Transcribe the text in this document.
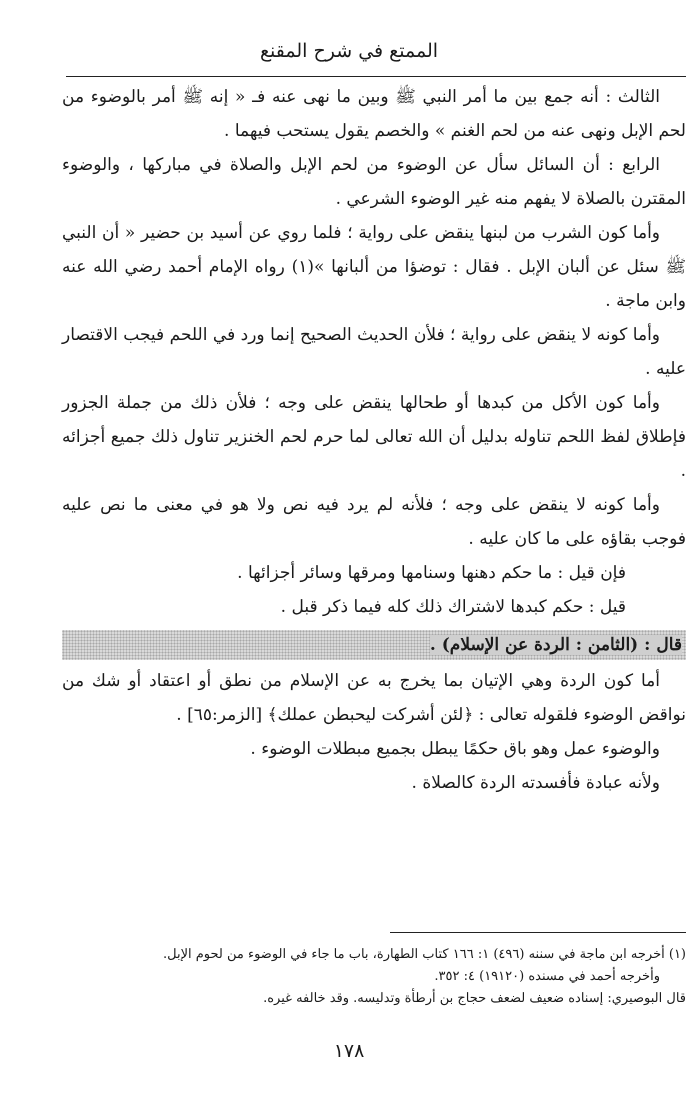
الممتع في شرح المقنع

الثالث : أنه جمع بين ما أمر النبي ﷺ وبين ما نهى عنه فـ « إنه ﷺ أمر بالوضوء من لحم الإبل ونهى عنه من لحم الغنم » والخصم يقول يستحب فيهما .

الرابع : أن السائل سأل عن الوضوء من لحم الإبل والصلاة في مباركها ، والوضوء المقترن بالصلاة لا يفهم منه غير الوضوء الشرعي .

وأما كون الشرب من لبنها ينقض على رواية ؛ فلما روي عن أسيد بن حضير « أن النبي ﷺ سئل عن ألبان الإبل . فقال : توضؤا من ألبانها »(١) رواه الإمام أحمد رضي الله عنه وابن ماجة .

وأما كونه لا ينقض على رواية ؛ فلأن الحديث الصحيح إنما ورد في اللحم فيجب الاقتصار عليه .

وأما كون الأكل من كبدها أو طحالها ينقض على وجه ؛ فلأن ذلك من جملة الجزور فإطلاق لفظ اللحم تناوله بدليل أن الله تعالى لما حرم لحم الخنزير تناول ذلك جميع أجزائه .

وأما كونه لا ينقض على وجه ؛ فلأنه لم يرد فيه نص ولا هو في معنى ما نص عليه فوجب بقاؤه على ما كان عليه .

فإن قيل : ما حكم دهنها وسنامها ومرقها وسائر أجزائها .

قيل : حكم كبدها لاشتراك ذلك كله فيما ذكر قبل .

قال : (الثامن : الردة عن الإسلام) .

أما كون الردة وهي الإتيان بما يخرج به عن الإسلام من نطق أو اعتقاد أو شك من نواقض الوضوء فلقوله تعالى : ﴿لئن أشركت ليحبطن عملك﴾ [الزمر:٦٥] .

والوضوء عمل وهو باق حكمًا يبطل بجميع مبطلات الوضوء .

ولأنه عبادة فأفسدته الردة كالصلاة .

(١) أخرجه ابن ماجة في سننه (٤٩٦) ١: ١٦٦ كتاب الطهارة، باب ما جاء في الوضوء من لحوم الإبل.

وأخرجه أحمد في مسنده (١٩١٢٠) ٤: ٣٥٢.

قال البوصيري: إسناده ضعيف لضعف حجاج بن أرطأة وتدليسه. وقد خالفه غيره.

١٧٨
